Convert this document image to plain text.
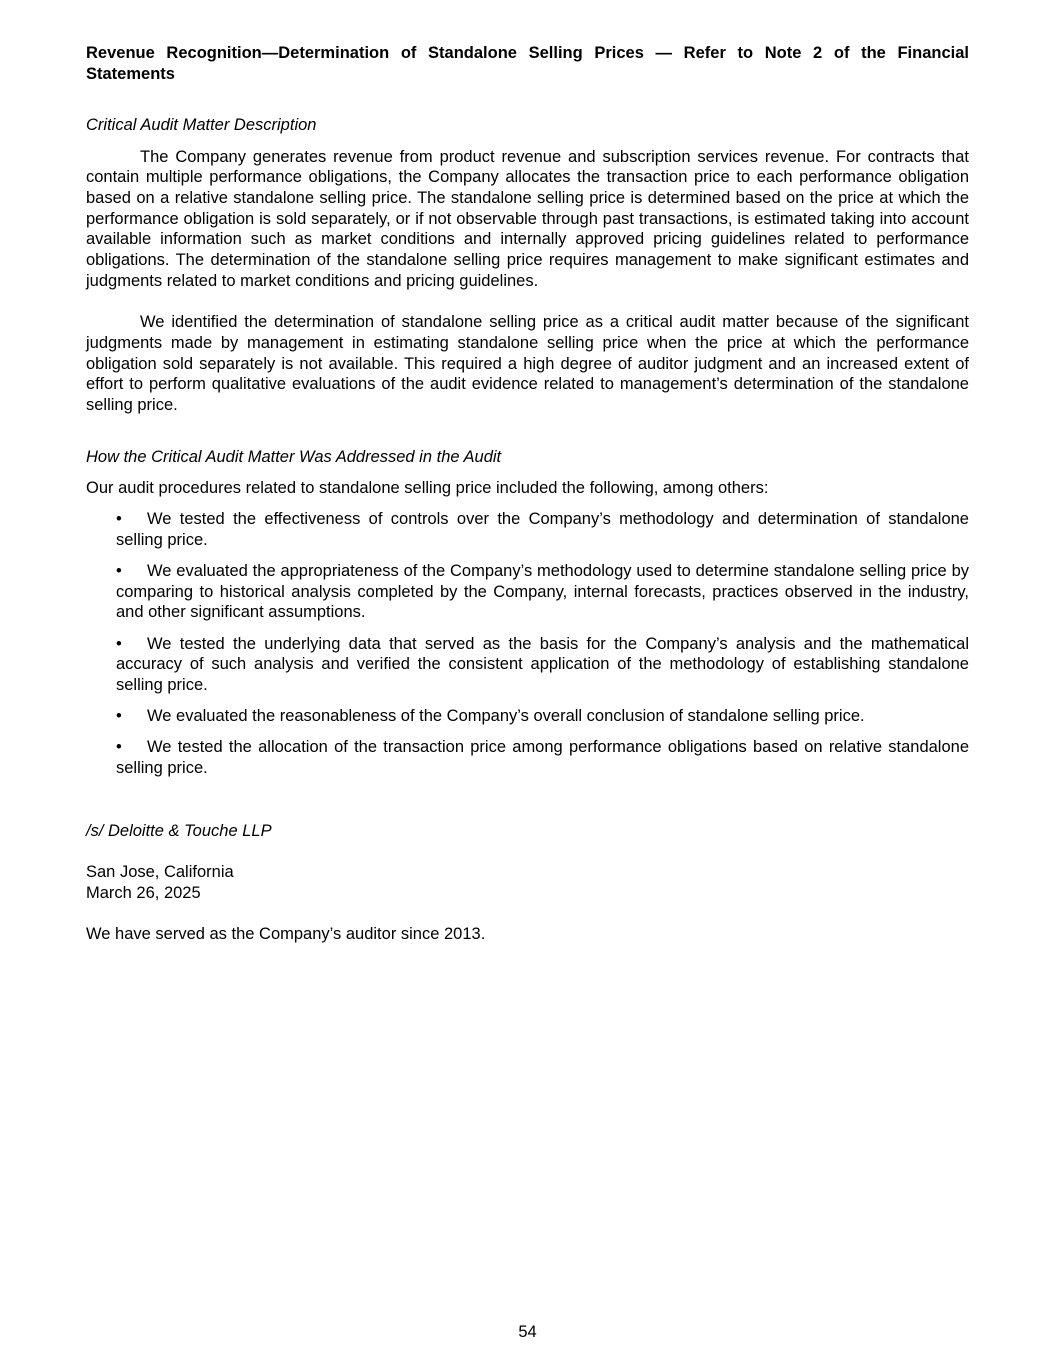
Revenue Recognition—Determination of Standalone Selling Prices — Refer to Note 2 of the Financial Statements

Critical Audit Matter Description

The Company generates revenue from product revenue and subscription services revenue. For contracts that contain multiple performance obligations, the Company allocates the transaction price to each performance obligation based on a relative standalone selling price. The standalone selling price is determined based on the price at which the performance obligation is sold separately, or if not observable through past transactions, is estimated taking into account available information such as market conditions and internally approved pricing guidelines related to performance obligations. The determination of the standalone selling price requires management to make significant estimates and judgments related to market conditions and pricing guidelines.

We identified the determination of standalone selling price as a critical audit matter because of the significant judgments made by management in estimating standalone selling price when the price at which the performance obligation sold separately is not available. This required a high degree of auditor judgment and an increased extent of effort to perform qualitative evaluations of the audit evidence related to management’s determination of the standalone selling price.

How the Critical Audit Matter Was Addressed in the Audit

Our audit procedures related to standalone selling price included the following, among others:

• We tested the effectiveness of controls over the Company’s methodology and determination of standalone selling price.
• We evaluated the appropriateness of the Company’s methodology used to determine standalone selling price by comparing to historical analysis completed by the Company, internal forecasts, practices observed in the industry, and other significant assumptions.
• We tested the underlying data that served as the basis for the Company’s analysis and the mathematical accuracy of such analysis and verified the consistent application of the methodology of establishing standalone selling price.
• We evaluated the reasonableness of the Company’s overall conclusion of standalone selling price.
• We tested the allocation of the transaction price among performance obligations based on relative standalone selling price.

/s/ Deloitte & Touche LLP

San Jose, California

March 26, 2025

We have served as the Company’s auditor since 2013.

54
